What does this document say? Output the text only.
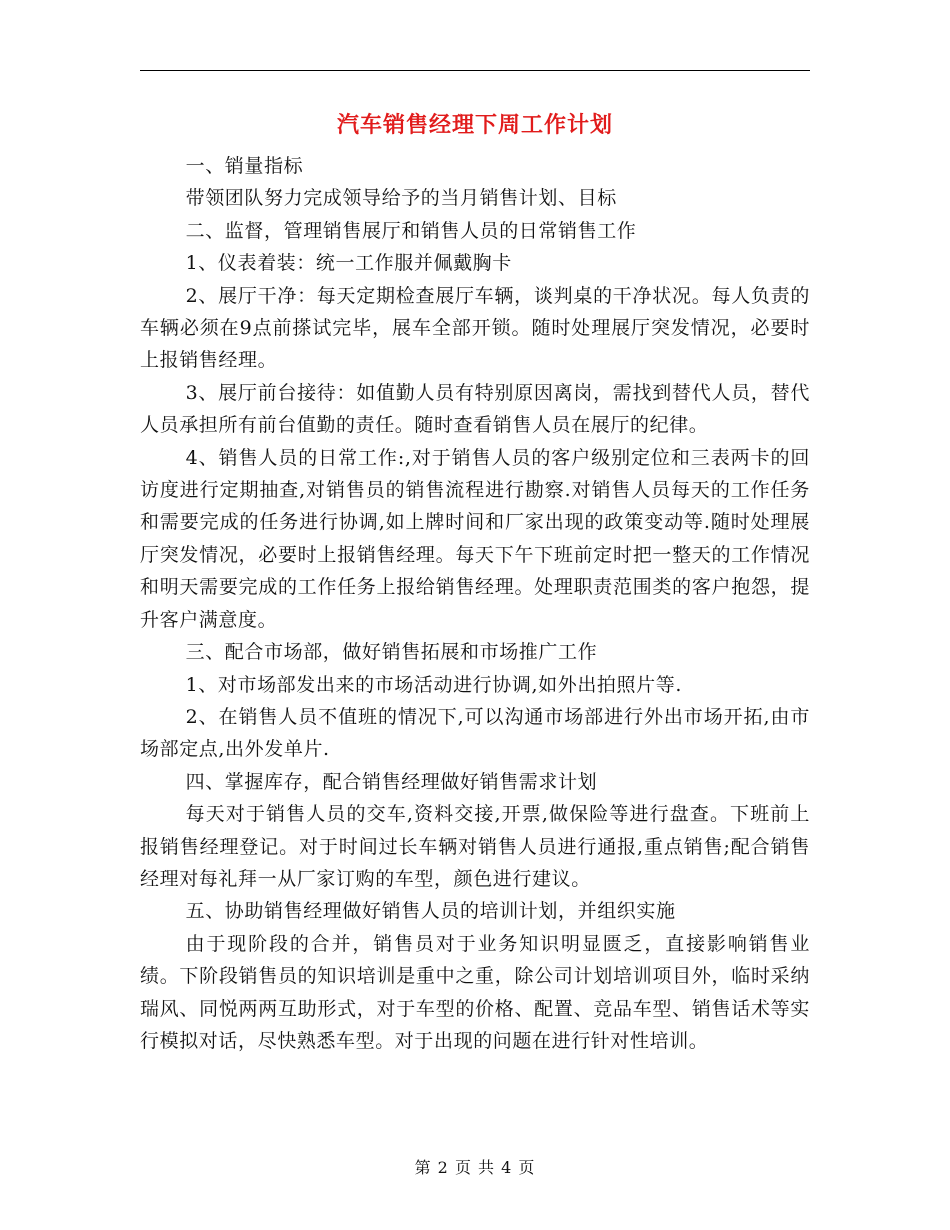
汽车销售经理下周工作计划

一、销量指标

带领团队努力完成领导给予的当月销售计划、目标

二、监督，管理销售展厅和销售人员的日常销售工作

1、仪表着装：统一工作服并佩戴胸卡

2、展厅干净：每天定期检查展厅车辆，谈判桌的干净状况。每人负责的车辆必须在9点前搽试完毕，展车全部开锁。随时处理展厅突发情况，必要时上报销售经理。

3、展厅前台接待：如值勤人员有特别原因离岗，需找到替代人员，替代人员承担所有前台值勤的责任。随时查看销售人员在展厅的纪律。

4、销售人员的日常工作:,对于销售人员的客户级别定位和三表两卡的回访度进行定期抽查,对销售员的销售流程进行勘察.对销售人员每天的工作任务和需要完成的任务进行协调,如上牌时间和厂家出现的政策变动等.随时处理展厅突发情况，必要时上报销售经理。每天下午下班前定时把一整天的工作情况和明天需要完成的工作任务上报给销售经理。处理职责范围类的客户抱怨，提升客户满意度。

三、配合市场部，做好销售拓展和市场推广工作

1、对市场部发出来的市场活动进行协调,如外出拍照片等.

2、在销售人员不值班的情况下,可以沟通市场部进行外出市场开拓,由市场部定点,出外发单片.

四、掌握库存，配合销售经理做好销售需求计划

每天对于销售人员的交车,资料交接,开票,做保险等进行盘查。下班前上报销售经理登记。对于时间过长车辆对销售人员进行通报,重点销售;配合销售经理对每礼拜一从厂家订购的车型，颜色进行建议。

五、协助销售经理做好销售人员的培训计划，并组织实施

由于现阶段的合并，销售员对于业务知识明显匮乏，直接影响销售业绩。下阶段销售员的知识培训是重中之重，除公司计划培训项目外，临时采纳瑞风、同悦两两互助形式，对于车型的价格、配置、竞品车型、销售话术等实行模拟对话，尽快熟悉车型。对于出现的问题在进行针对性培训。

第 2 页 共 4 页
